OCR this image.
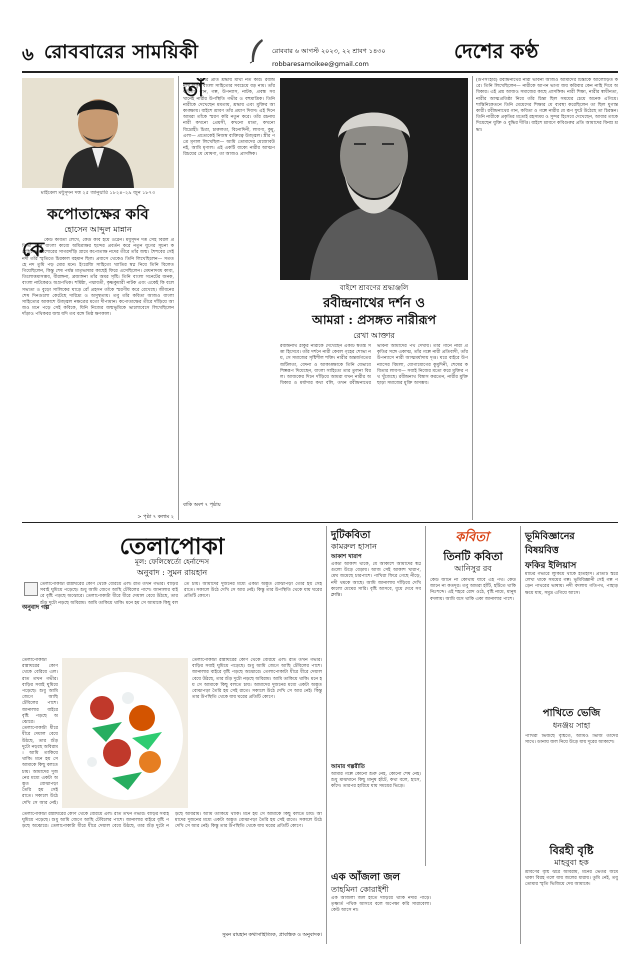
৬ রোববারের সাময়িকী	রোববার ৬ আগস্ট ২০২৩, ২২ শ্রাবণ ১৪৩০
robbaresamoikee@gmail.com
দেশের কণ্ঠ
মাইকেল মধুসূদন দত্ত ২৫ জানুয়ারি ১৮২৪–২৯ জুন ১৮৭৩
কপোতাক্ষের কবি
হোসেন আব্দুল মান্নান
কে কেউ কবিতা লেখে, কেউ কবি হয়ে ওঠেন। মধুসূদন দত্ত সেই বিরল প্রতিভা যিনি বাংলা কাব্যে অমিত্রাক্ষর ছন্দের প্রবর্তন করে নতুন যুগের সূচনা করেছিলেন। যশোরের সাগরদাঁড়ি গ্রামে কপোতাক্ষ নদের তীরে তাঁর জন্ম। শৈশবের সেই নদী তাঁর স্মৃতিতে চিরকাল বহমান ছিল। প্রবাসে থেকেও তিনি লিখেছিলেন— সতত হে নদ তুমি পড় মোর মনে। ইংরেজি সাহিত্যে খ্যাতির স্বপ্ন নিয়ে তিনি বিলেত গিয়েছিলেন, কিন্তু শেষ পর্যন্ত মাতৃভাষার কাছেই ফিরে এসেছিলেন। মেঘনাদবধ কাব্য, তিলোত্তমাসম্ভব, বীরাঙ্গনা, ব্রজাঙ্গনা তাঁর অমর সৃষ্টি। তিনি বাংলা সনেটের জনক, বাংলা নাটকেরও অগ্রপথিক। শর্মিষ্ঠা, পদ্মাবতী, কৃষ্ণকুমারী নাটক এবং একেই কি বলে সভ্যতা ও বুড়ো সালিকের ঘাড়ে রোঁ প্রহসন তাঁকে স্মরণীয় করে রেখেছে। জীবনের শেষ দিনগুলো কেটেছে দারিদ্র্য ও অসুস্থতায়। তবু তাঁর কবিতা আজও বাংলা সাহিত্যের আকাশে উজ্জ্বল নক্ষত্রের মতো দীপ্যমান। কপোতাক্ষের তীরে দাঁড়িয়ে আজও মনে পড়ে সেই কবিকে, যিনি নিজের জন্মভূমিকে ভালোবেসে লিখেছিলেন দাঁড়াও পথিকবর জন্ম যদি তব বঙ্গে তিষ্ঠ ক্ষণকাল।
> পৃষ্ঠা ৭ কলাম ২
তাঁ
তাঁর প্রতি শ্রদ্ধায় মাথা নত করি। রবীন্দ্রনাথ ঠাকুর বাংলা সাহিত্যের সবচেয়ে বড় নাম। তাঁর কবিতা, গান, গল্প, উপন্যাস, নাটক, প্রবন্ধ সবখানেই নারীর উপস্থিতি গভীর ও বহুমাত্রিক। তিনি নারীকে দেখেছেন মমতায়, শ্রদ্ধায় এবং মুক্তির আকাঙ্ক্ষায়। বাইশে শ্রাবণ তাঁর প্রয়াণ দিবস। এই দিনে আমরা তাঁকে স্মরণ করি নতুন করে। তাঁর রচনায় নারী কখনো প্রেয়সী, কখনো মাতা, কখনো বিদ্রোহী। চিত্রা, চারুলতা, বিনোদিনী, লাবণ্য, কুমু, এলা— প্রত্যেকেই নিজস্ব ব্যক্তিত্বে উজ্জ্বল। স্ত্রীর পত্রে মৃণাল লিখেছিল— আমি তোমাদের মেজোবউ নই, আমি মৃণাল। এই একটি বাক্যে নারীর আত্মপরিচয়ের যে ঘোষণা, তা আজও প্রাসঙ্গিক।
বাকি অংশ ৭ পৃষ্ঠায়
বাইশে শ্রাবণের শ্রদ্ধাঞ্জলি
রবীন্দ্রনাথের দর্শন ও
আমরা : প্রসঙ্গত নারীরূপ
রেখা আক্তার
রবীন্দ্রনাথ ঠাকুর নারীকে দেখেছেন একটি স্বতন্ত্র সত্তা হিসেবে। তাঁর দর্শনে নারী কেবল গৃহের শোভা নয়, সে সমাজের সৃষ্টিশীল শক্তি। নারীর অন্তর্জগতের জটিলতা, বেদনা ও আকাঙ্ক্ষাকে তিনি যেভাবে শিল্পরূপ দিয়েছেন, বাংলা সাহিত্যে তার তুলনা বিরল। আজকের দিনে দাঁড়িয়ে আমরা যখন নারীর অধিকার ও মর্যাদার কথা বলি, তখন রবীন্দ্রনাথের ভাবনা আমাদের পথ দেখায়। তাঁর গানে নারী প্রকৃতির সঙ্গে একাত্ম, তাঁর গল্পে নারী প্রতিবাদী, তাঁর উপন্যাসে নারী আত্মমর্যাদায় দৃপ্ত। ঘরে বাইরে উপন্যাসের বিমলা, যোগাযোগের কুমুদিনী, শেষের কবিতার লাবণ্য— সবাই নিজের মতো করে মুক্তির পথ খুঁজেছে। রবীন্দ্রনাথ বিশ্বাস করতেন, নারীর মুক্তি ছাড়া সমাজের মুক্তি অসম্ভব।
(উপসংহার) রবীন্দ্রনাথের নারী ভাবনা আজও আমাদের চিন্তাকে আলোড়িত করে। তিনি লিখেছিলেন— নারীকে আপন ভাগ্য জয় করিবার কেন নাহি দিবে অধিকার। এই প্রশ্ন আজও সমাজের কাছে প্রাসঙ্গিক। নারী শিক্ষা, নারীর স্বাধীনতা, নারীর আত্মপ্রতিষ্ঠা নিয়ে তাঁর চিন্তা ছিল সময়ের চেয়ে অনেক এগিয়ে। শান্তিনিকেতনে তিনি মেয়েদের শিক্ষার যে ব্যবস্থা করেছিলেন তা ছিল যুগান্তকারী। রবীন্দ্রনাথের গান, কবিতা ও গল্পে নারীর যে রূপ ফুটে উঠেছে তা চিরন্তন। তিনি নারীকে প্রকৃতির মতোই রহস্যময় ও সুন্দর হিসেবে দেখেছেন, আবার তাকে দিয়েছেন যুক্তি ও বুদ্ধির দীপ্তি। বাইশে শ্রাবণে কবিগুরুর প্রতি আমাদের বিনম্র শ্রদ্ধা।
তেলাপোকা
মূল: ফেলিস্বের্তো হের্নান্দেস
অনুবাদ : সুমন রায়হান
অনুবাদ গল্প
তেলাপোকাটা রান্নাঘরের কোণ থেকে বেরিয়ে এল। রাত তখন গভীর। বাড়ির সবাই ঘুমিয়ে পড়েছে। শুধু আমি জেগে আছি টেবিলের পাশে। জানালার বাইরে বৃষ্টি পড়ছে অঝোরে। তেলাপোকাটা ধীরে ধীরে দেয়াল বেয়ে উঠছে, তার শুঁড় দুটো নড়ছে অবিরাম। আমি তাকিয়ে থাকি। মনে হয় সে আমাকে কিছু বলতে চায়। আমাদের দুজনের মধ্যে একটা অদ্ভুত বোঝাপড়া তৈরি হয় সেই রাতে। সকালে উঠে দেখি সে আর নেই। কিন্তু তার উপস্থিতি থেকে যায় ঘরের প্রতিটি কোণে।
তেলাপোকাটা রান্নাঘরের কোণ থেকে বেরিয়ে এল। রাত তখন গভীর। বাড়ির সবাই ঘুমিয়ে পড়েছে। শুধু আমি জেগে আছি টেবিলের পাশে। জানালার বাইরে বৃষ্টি পড়ছে অঝোরে। তেলাপোকাটা ধীরে ধীরে দেয়াল বেয়ে উঠছে, তার শুঁড় দুটো নড়ছে অবিরাম। আমি তাকিয়ে থাকি। মনে হয় সে আমাকে কিছু বলতে চায়। আমাদের দুজনের মধ্যে একটা অদ্ভুত বোঝাপড়া তৈরি হয় সেই রাতে। সকালে উঠে দেখি সে আর নেই।
তেলাপোকাটা রান্নাঘরের কোণ থেকে বেরিয়ে এল। রাত তখন গভীর। বাড়ির সবাই ঘুমিয়ে পড়েছে। শুধু আমি জেগে আছি টেবিলের পাশে। জানালার বাইরে বৃষ্টি পড়ছে অঝোরে। তেলাপোকাটা ধীরে ধীরে দেয়াল বেয়ে উঠছে, তার শুঁড় দুটো নড়ছে অবিরাম। আমি তাকিয়ে থাকি। মনে হয় সে আমাকে কিছু বলতে চায়। আমাদের দুজনের মধ্যে একটা অদ্ভুত বোঝাপড়া তৈরি হয় সেই রাতে। সকালে উঠে দেখি সে আর নেই। কিন্তু তার উপস্থিতি থেকে যায় ঘরের প্রতিটি কোণে।
তেলাপোকাটা রান্নাঘরের কোণ থেকে বেরিয়ে এল। রাত তখন গভীর। বাড়ির সবাই ঘুমিয়ে পড়েছে। শুধু আমি জেগে আছি টেবিলের পাশে। জানালার বাইরে বৃষ্টি পড়ছে অঝোরে। তেলাপোকাটা ধীরে ধীরে দেয়াল বেয়ে উঠছে, তার শুঁড় দুটো নড়ছে অবিরাম। আমি তাকিয়ে থাকি। মনে হয় সে আমাকে কিছু বলতে চায়। আমাদের দুজনের মধ্যে একটা অদ্ভুত বোঝাপড়া তৈরি হয় সেই রাতে। সকালে উঠে দেখি সে আর নেই। কিন্তু তার উপস্থিতি থেকে যায় ঘরের প্রতিটি কোণে।
সুমন রায়হান কথাসাহিত্যিক, প্রাবন্ধিক ও অনুবাদক।
দুটিকবিতা
কামরুল হাসান
আকাশ খারাপ
একটা আকাশ থাকে, যে আকাশে আমাদের স্বপ্নগুলো উড়ে বেড়ায়। আজ সেই আকাশ খারাপ, মেঘ জমেছে চারপাশে। পাখিরা ফিরে গেছে নীড়ে, নদী থমকে আছে। আমি জানালায় দাঁড়িয়ে দেখি কালো মেঘের সারি। বৃষ্টি আসবে, ধুয়ে দেবে সব ক্লান্তি।
আমার গল্পরীতি
আমার গল্পে কোনো শুরু নেই, কোনো শেষ নেই। শুধু মাঝখানে কিছু মানুষ হাঁটে, কথা বলে, হাসে, কাঁদে। তারপর হারিয়ে যায় সময়ের ভিড়ে।
এক আঁজলা জল
তাহমিনা কোরাইশী
এক আঁজলা জল হাতে দাঁড়িয়ে থাকি নদীর পাড়ে। তৃষ্ণার্ত পথিক আসবে বলে অপেক্ষা করি সারাবেলা। কেউ আসে না।
কবিতা
তিনটি কবিতা
আনিসুর রব
কেউ জানে না কোথায় যাবে এই পথ। কেউ জানে না কতদূর। তবু আমরা হাঁটি, হাঁটতে থাকি নিঃশব্দে। এই শহরে রোদ ওঠে, বৃষ্টি নামে, মানুষ বদলায়। আমি বসে থাকি একা জানালার পাশে।
ভূমিবিজ্ঞানের
বিষয়বিত্ত
ফকির ইলিয়াস
মাটির গভীরে লুকিয়ে থাকে ইতিহাস। প্রতিটি স্তরে লেখা থাকে সময়ের গল্প। ভূমিবিজ্ঞানী সেই গল্প পড়েন পাথরের ভাষায়। নদী বদলায় গতিপথ, পাহাড় ক্ষয়ে যায়, সমুদ্র এগিয়ে আসে।
পাখিতে ভেজি
ধনঞ্জয় সাহা
পাখিরা ভিজছে বৃষ্টিতে, আমিও ভিজি তাদের সাথে। ডানায় জল নিয়ে উড়ে যায় দূরের আকাশে।
বিরহী বৃষ্টি
মাহবুবা হক
শ্রাবণের বৃষ্টি ঝরে অবিরাম, মনের ভেতর জমে থাকা বিরহ গলে যায় জলের ধারায়। তুমি নেই, তবু তোমার স্মৃতি ভিজিয়ে দেয় আমাকে।
